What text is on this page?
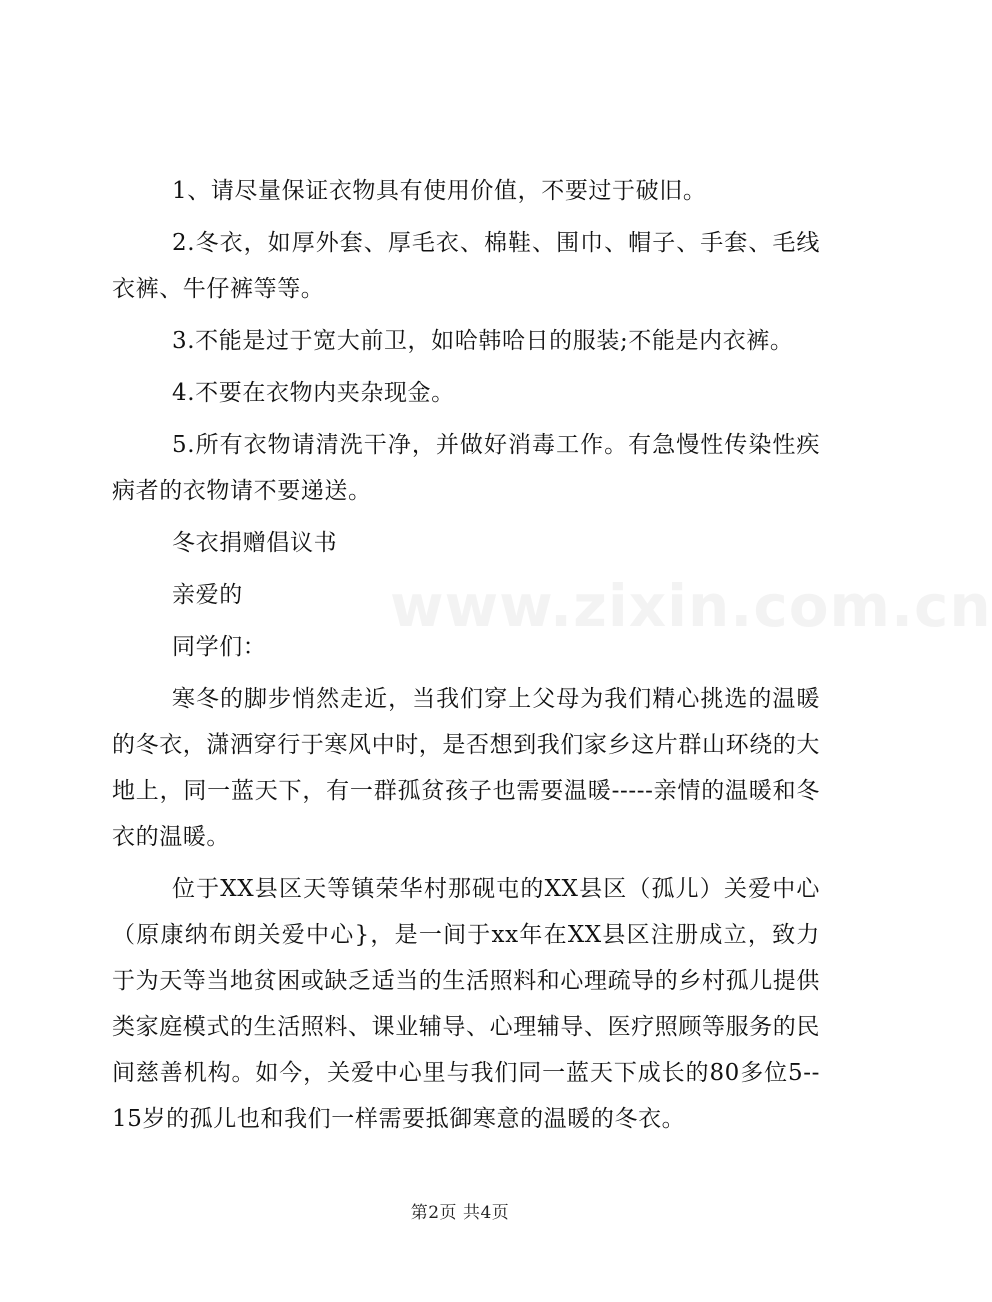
www.zixin.com.cn

1、请尽量保证衣物具有使用价值，不要过于破旧。

2.冬衣，如厚外套、厚毛衣、棉鞋、围巾、帽子、手套、毛线衣裤、牛仔裤等等。

3.不能是过于宽大前卫，如哈韩哈日的服装;不能是内衣裤。

4.不要在衣物内夹杂现金。

5.所有衣物请清洗干净，并做好消毒工作。有急慢性传染性疾病者的衣物请不要递送。

冬衣捐赠倡议书

亲爱的

同学们：

寒冬的脚步悄然走近，当我们穿上父母为我们精心挑选的温暖的冬衣，潇洒穿行于寒风中时，是否想到我们家乡这片群山环绕的大地上，同一蓝天下，有一群孤贫孩子也需要温暖-----亲情的温暖和冬衣的温暖。

位于XX县区天等镇荣华村那砚屯的XX县区（孤儿）关爱中心（原康纳布朗关爱中心}，是一间于xx年在XX县区注册成立，致力于为天等当地贫困或缺乏适当的生活照料和心理疏导的乡村孤儿提供类家庭模式的生活照料、课业辅导、心理辅导、医疗照顾等服务的民间慈善机构。如今，关爱中心里与我们同一蓝天下成长的80多位5--15岁的孤儿也和我们一样需要抵御寒意的温暖的冬衣。

第2页 共4页
